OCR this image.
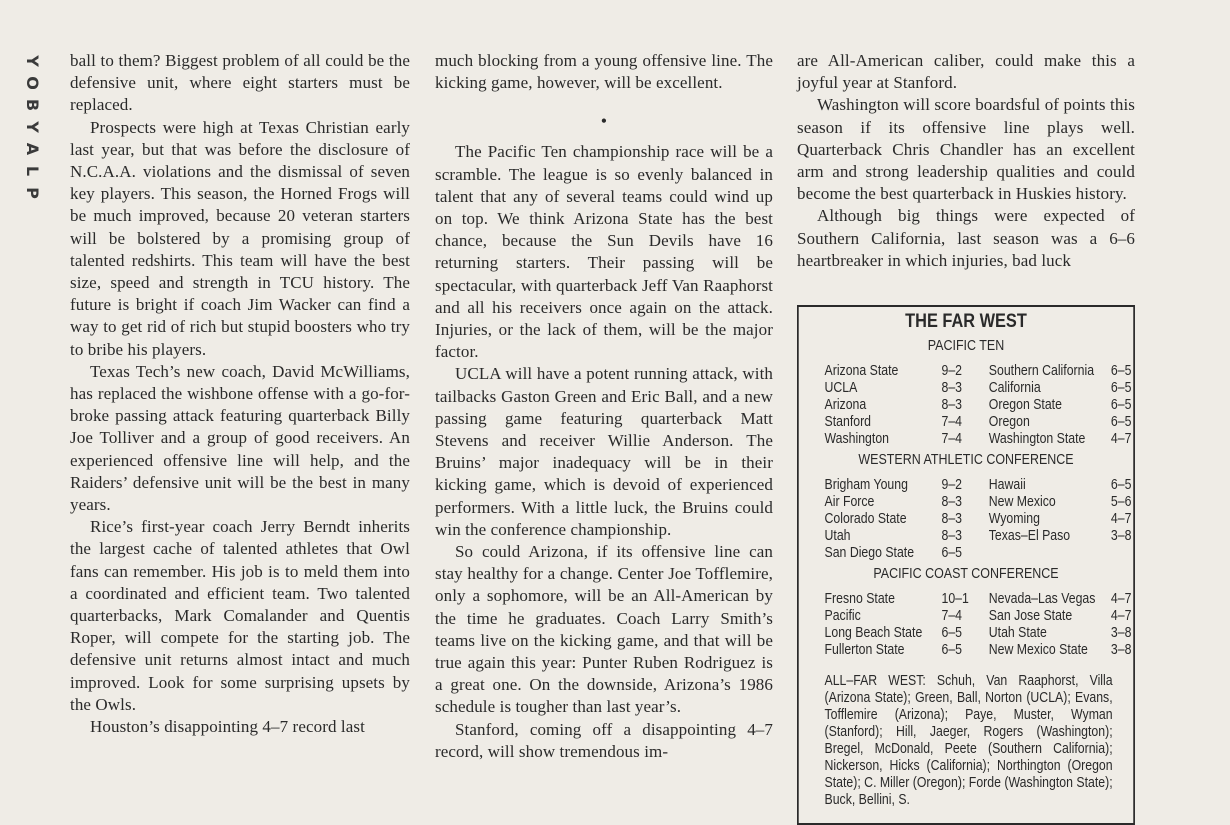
Y
O
B
Y
A
L
P

ball to them? Biggest problem of all could be the defensive unit, where eight starters must be replaced.

Prospects were high at Texas Christian early last year, but that was before the disclosure of N.C.A.A. violations and the dismissal of seven key players. This season, the Horned Frogs will be much improved, because 20 veteran starters will be bolstered by a promising group of talented redshirts. This team will have the best size, speed and strength in TCU history. The future is bright if coach Jim Wacker can find a way to get rid of rich but stupid boosters who try to bribe his players.

Texas Tech’s new coach, David McWilliams, has replaced the wishbone offense with a go-for-broke passing attack featuring quarterback Billy Joe Tolliver and a group of good receivers. An experienced offensive line will help, and the Raiders’ defensive unit will be the best in many years.

Rice’s first-year coach Jerry Berndt inherits the largest cache of talented athletes that Owl fans can remember. His job is to meld them into a coordinated and efficient team. Two talented quarterbacks, Mark Comalander and Quentis Roper, will compete for the starting job. The defensive unit returns almost intact and much improved. Look for some surprising upsets by the Owls.

Houston’s disappointing 4–7 record last

much blocking from a young offensive line. The kicking game, however, will be excellent.

•

The Pacific Ten championship race will be a scramble. The league is so evenly balanced in talent that any of several teams could wind up on top. We think Arizona State has the best chance, because the Sun Devils have 16 returning starters. Their passing will be spectacular, with quarterback Jeff Van Raaphorst and all his receivers once again on the attack. Injuries, or the lack of them, will be the major factor.

UCLA will have a potent running attack, with tailbacks Gaston Green and Eric Ball, and a new passing game featuring quarterback Matt Stevens and receiver Willie Anderson. The Bruins’ major inadequacy will be in their kicking game, which is devoid of experienced performers. With a little luck, the Bruins could win the conference championship.

So could Arizona, if its offensive line can stay healthy for a change. Center Joe Tofflemire, only a sophomore, will be an All-American by the time he graduates. Coach Larry Smith’s teams live on the kicking game, and that will be true again this year: Punter Ruben Rodriguez is a great one. On the downside, Arizona’s 1986 schedule is tougher than last year’s.

Stanford, coming off a disappointing 4–7 record, will show tremendous im-

are All-American caliber, could make this a joyful year at Stanford.

Washington will score boardsful of points this season if its offensive line plays well. Quarterback Chris Chandler has an excellent arm and strong leadership qualities and could become the best quarterback in Huskies history.

Although big things were expected of Southern California, last season was a 6–6 heartbreaker in which injuries, bad luck

THE FAR WEST
PACIFIC TEN
Arizona State	9–2	Southern California	6–5
UCLA	8–3	California	6–5
Arizona	8–3	Oregon State	6–5
Stanford	7–4	Oregon	6–5
Washington	7–4	Washington State	4–7
WESTERN ATHLETIC CONFERENCE
Brigham Young	9–2	Hawaii	6–5
Air Force	8–3	New Mexico	5–6
Colorado State	8–3	Wyoming	4–7
Utah	8–3	Texas–El Paso	3–8
San Diego State	6–5
PACIFIC COAST CONFERENCE
Fresno State	10–1	Nevada–Las Vegas	4–7
Pacific	7–4	San Jose State	4–7
Long Beach State	6–5	Utah State	3–8
Fullerton State	6–5	New Mexico State	3–8
ALL–FAR WEST: Schuh, Van Raaphorst, Villa (Arizona State); Green, Ball, Norton (UCLA); Evans, Tofflemire (Arizona); Paye, Muster, Wyman (Stanford); Hill, Jaeger, Rogers (Washington); Bregel, McDonald, Peete (Southern California); Nickerson, Hicks (California); Northington (Oregon State); C. Miller (Oregon); Forde (Washington State); Buck, Bellini, S.
